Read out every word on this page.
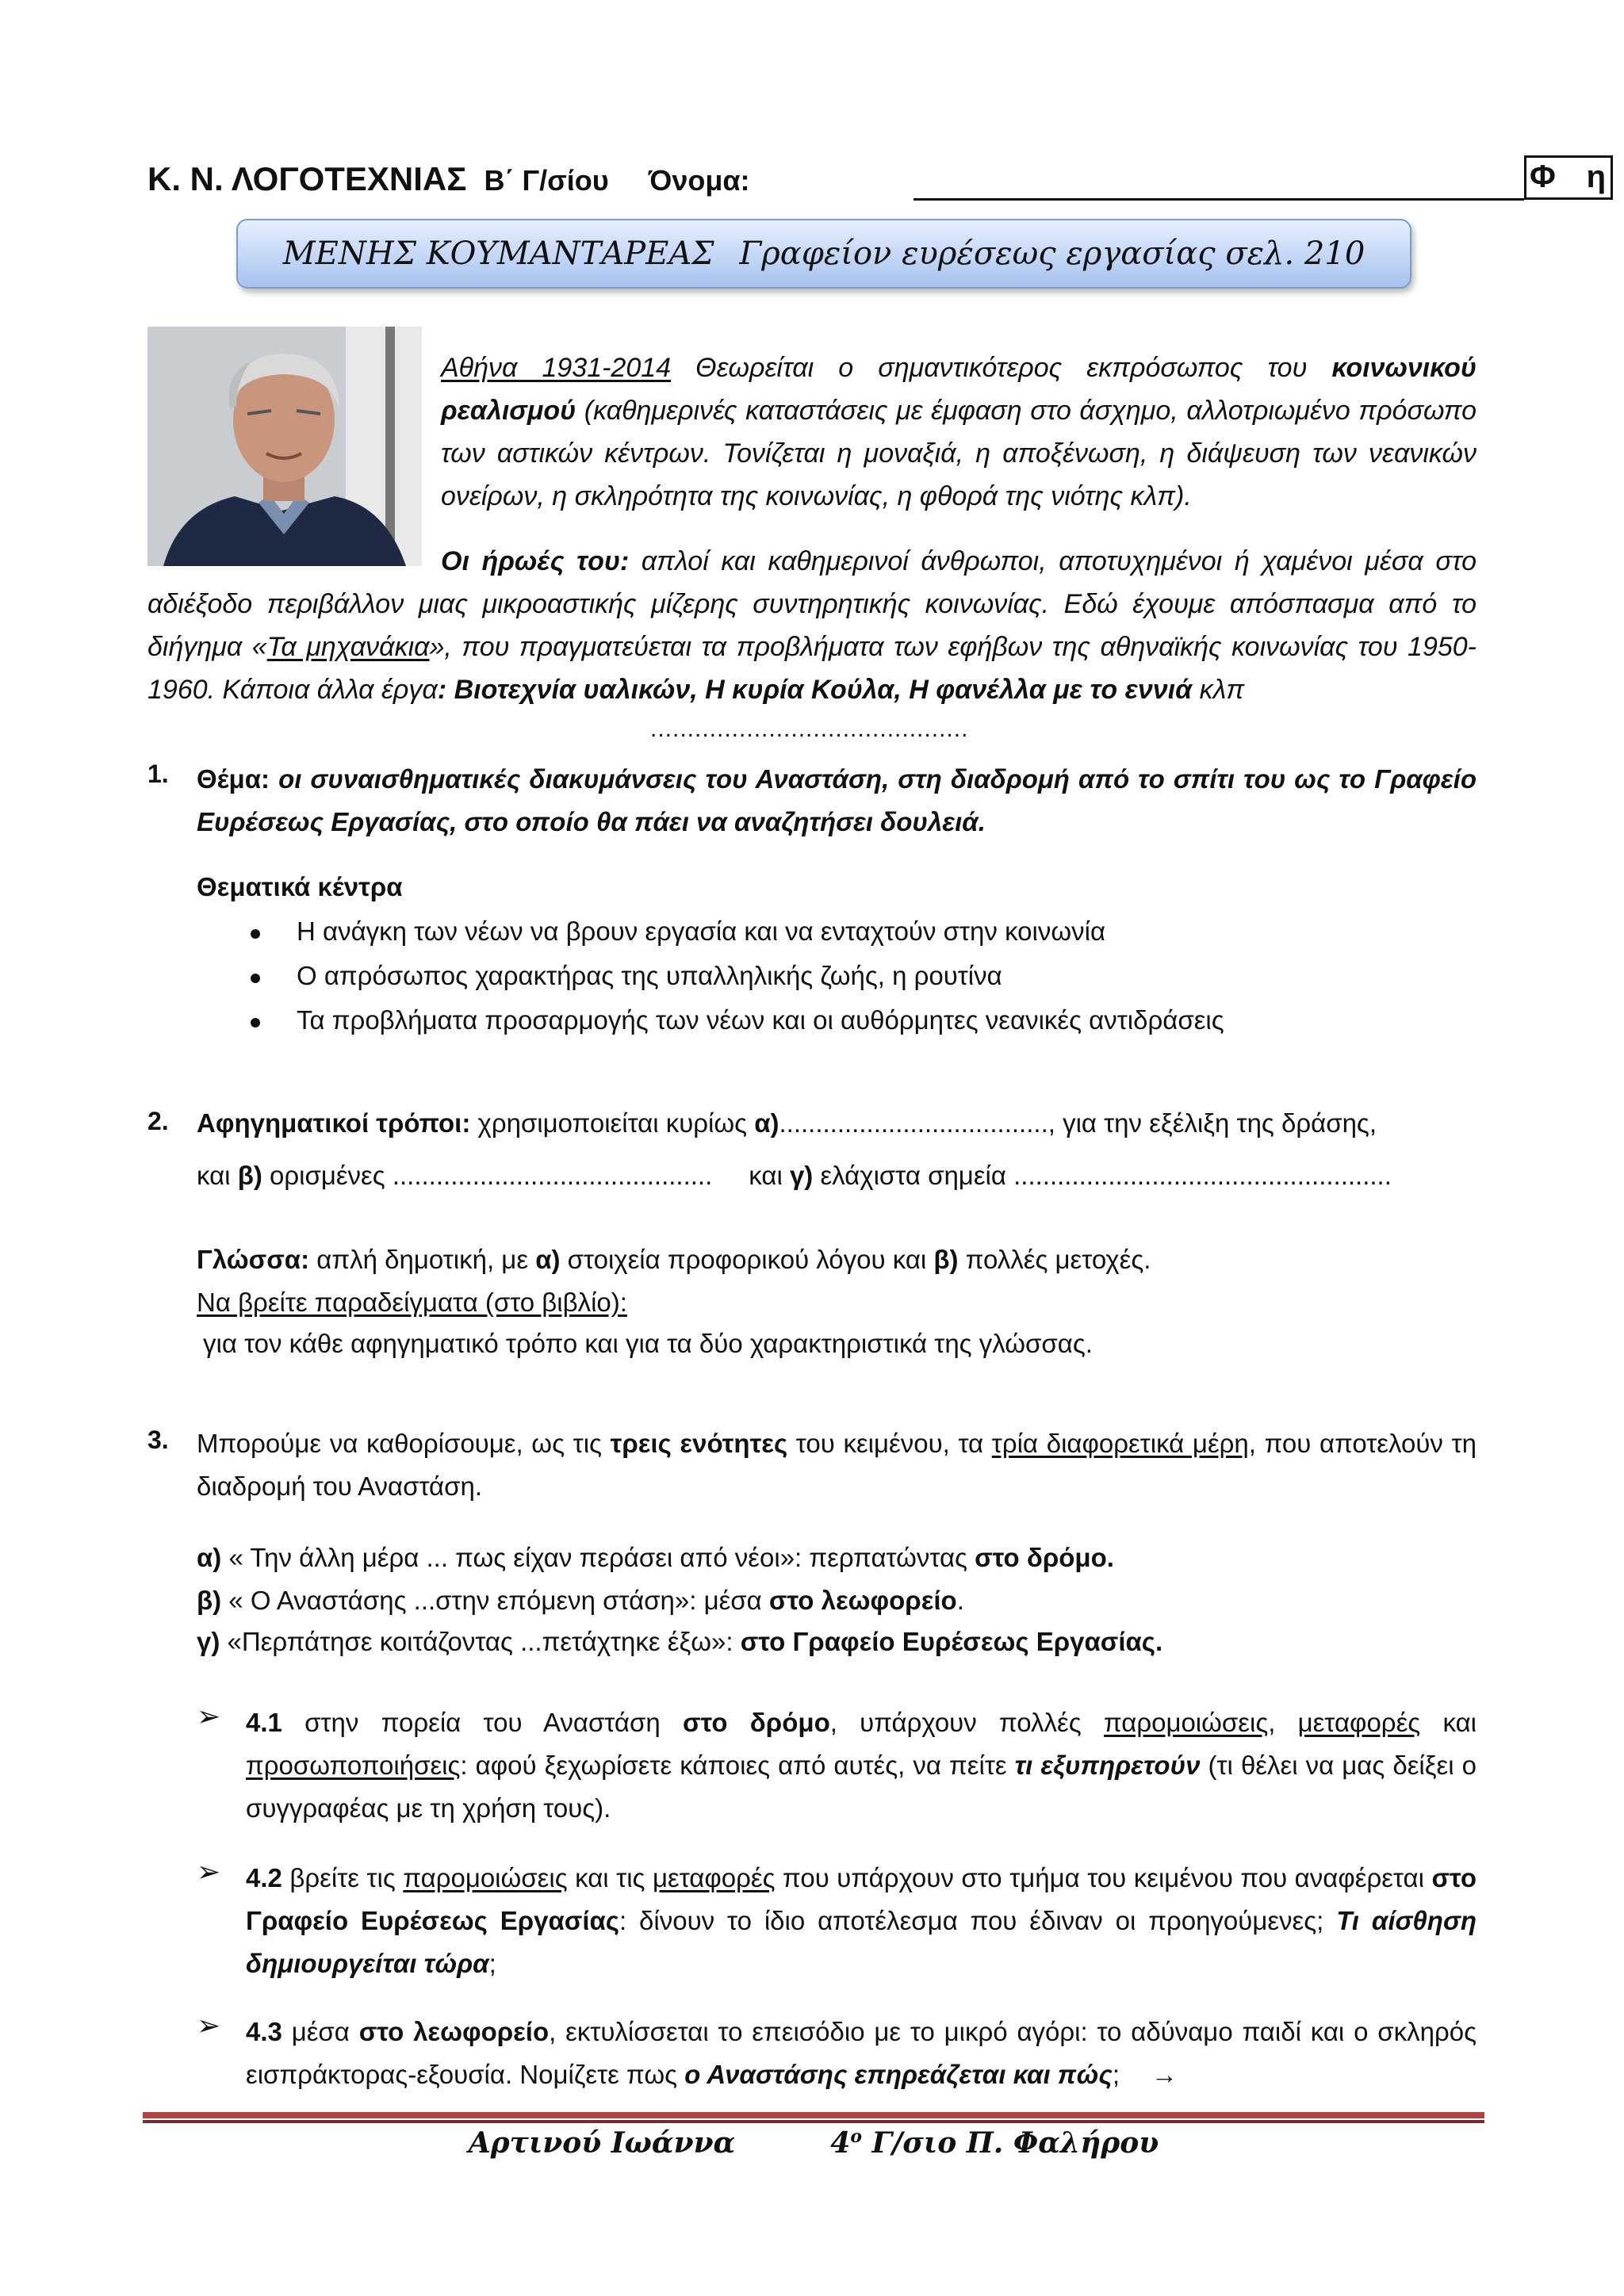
Κ. Ν. ΛΟΓΟΤΕΧΝΙΑΣ Β΄ Γ/σίου Όνομα:	Φ η
ΜΕΝΗΣ ΚΟΥΜΑΝΤΑΡΕΑΣ Γραφείον ευρέσεως εργασίας σελ. 210
Αθήνα 1931-2014 Θεωρείται ο σημαντικότερος εκπρόσωπος του κοινωνικού ρεαλισμού (καθημερινές καταστάσεις με έμφαση στο άσχημο, αλλοτριωμένο πρόσωπο των αστικών κέντρων. Τονίζεται η μοναξιά, η αποξένωση, η διάψευση των νεανικών ονείρων, η σκληρότητα της κοινωνίας, η φθορά της νιότης κλπ).
Οι ήρωές του: απλοί και καθημερινοί άνθρωποι, αποτυχημένοι ή χαμένοι μέσα στο αδιέξοδο περιβάλλον μιας μικροαστικής μίζερης συντηρητικής κοινωνίας. Εδώ έχουμε απόσπασμα από το διήγημα «Τα μηχανάκια», που πραγματεύεται τα προβλήματα των εφήβων της αθηναϊκής κοινωνίας του 1950-1960. Κάποια άλλα έργα: Βιοτεχνία υαλικών, Η κυρία Κούλα, Η φανέλλα με το εννιά κλπ
...........................................
1. Θέμα: οι συναισθηματικές διακυμάνσεις του Αναστάση, στη διαδρομή από το σπίτι του ως το Γραφείο Ευρέσεως Εργασίας, στο οποίο θα πάει να αναζητήσει δουλειά.
Θεματικά κέντρα
Η ανάγκη των νέων να βρουν εργασία και να ενταχτούν στην κοινωνία
Ο απρόσωπος χαρακτήρας της υπαλληλικής ζωής, η ρουτίνα
Τα προβλήματα προσαρμογής των νέων και οι αυθόρμητες νεανικές αντιδράσεις
2. Αφηγηματικοί τρόποι: χρησιμοποιείται κυρίως α)....................................., για την εξέλιξη της δράσης,
και β) ορισμένες ............................................ και γ) ελάχιστα σημεία ....................................................
Γλώσσα: απλή δημοτική, με α) στοιχεία προφορικού λόγου και β) πολλές μετοχές.
Να βρείτε παραδείγματα (στο βιβλίο):
για τον κάθε αφηγηματικό τρόπο και για τα δύο χαρακτηριστικά της γλώσσας.
3. Μπορούμε να καθορίσουμε, ως τις τρεις ενότητες του κειμένου, τα τρία διαφορετικά μέρη, που αποτελούν τη διαδρομή του Αναστάση.
α) « Την άλλη μέρα ... πως είχαν περάσει από νέοι»: περπατώντας στο δρόμο.
β) « Ο Αναστάσης ...στην επόμενη στάση»: μέσα στο λεωφορείο.
γ) «Περπάτησε κοιτάζοντας ...πετάχτηκε έξω»: στο Γραφείο Ευρέσεως Εργασίας.
➢ 4.1 στην πορεία του Αναστάση στο δρόμο, υπάρχουν πολλές παρομοιώσεις, μεταφορές και προσωποποιήσεις: αφού ξεχωρίσετε κάποιες από αυτές, να πείτε τι εξυπηρετούν (τι θέλει να μας δείξει ο συγγραφέας με τη χρήση τους).
➢ 4.2 βρείτε τις παρομοιώσεις και τις μεταφορές που υπάρχουν στο τμήμα του κειμένου που αναφέρεται στο Γραφείο Ευρέσεως Εργασίας: δίνουν το ίδιο αποτέλεσμα που έδιναν οι προηγούμενες; Τι αίσθηση δημιουργείται τώρα;
➢ 4.3 μέσα στο λεωφορείο, εκτυλίσσεται το επεισόδιο με το μικρό αγόρι: το αδύναμο παιδί και ο σκληρός εισπράκτορας-εξουσία. Νομίζετε πως ο Αναστάσης επηρεάζεται και πώς; →
Αρτινού Ιωάννα	$4^o$ Γ/σιο Π. Φαλήρου
